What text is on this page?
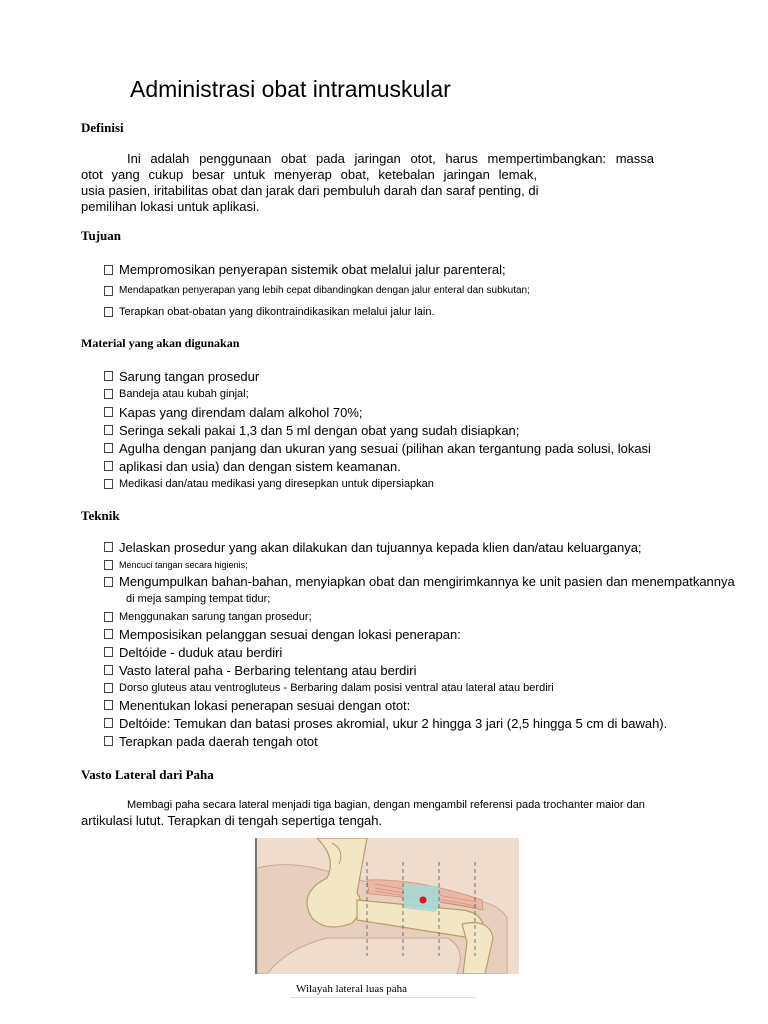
Administrasi obat intramuskular
Definisi
Ini adalah penggunaan obat pada jaringan otot, harus mempertimbangkan: massa
otot yang cukup besar untuk menyerap obat, ketebalan jaringan lemak,
usia pasien, iritabilitas obat dan jarak dari pembuluh darah dan saraf penting, di
pemilihan lokasi untuk aplikasi.
Tujuan
Mempromosikan penyerapan sistemik obat melalui jalur parenteral;
Mendapatkan penyerapan yang lebih cepat dibandingkan dengan jalur enteral dan subkutan;
Terapkan obat-obatan yang dikontraindikasikan melalui jalur lain.
Material yang akan digunakan
Sarung tangan prosedur
Bandeja atau kubah ginjal;
Kapas yang direndam dalam alkohol 70%;
Seringa sekali pakai 1,3 dan 5 ml dengan obat yang sudah disiapkan;
Agulha dengan panjang dan ukuran yang sesuai (pilihan akan tergantung pada solusi, lokasi
aplikasi dan usia) dan dengan sistem keamanan.
Medikasi dan/atau medikasi yang diresepkan untuk dipersiapkan
Teknik
Jelaskan prosedur yang akan dilakukan dan tujuannya kepada klien dan/atau keluarganya;
Mencuci tangan secara higienis;
Mengumpulkan bahan-bahan, menyiapkan obat dan mengirimkannya ke unit pasien dan menempatkannya
di meja samping tempat tidur;
Menggunakan sarung tangan prosedur;
Memposisikan pelanggan sesuai dengan lokasi penerapan:
Deltóide - duduk atau berdiri
Vasto lateral paha - Berbaring telentang atau berdiri
Dorso gluteus atau ventrogluteus - Berbaring dalam posisi ventral atau lateral atau berdiri
Menentukan lokasi penerapan sesuai dengan otot:
Deltóide: Temukan dan batasi proses akromial, ukur 2 hingga 3 jari (2,5 hingga 5 cm di bawah).
Terapkan pada daerah tengah otot
Vasto Lateral dari Paha
Membagi paha secara lateral menjadi tiga bagian, dengan mengambil referensi pada trochanter maior dan
artikulasi lutut. Terapkan di tengah sepertiga tengah.

Wilayah lateral luas paha
